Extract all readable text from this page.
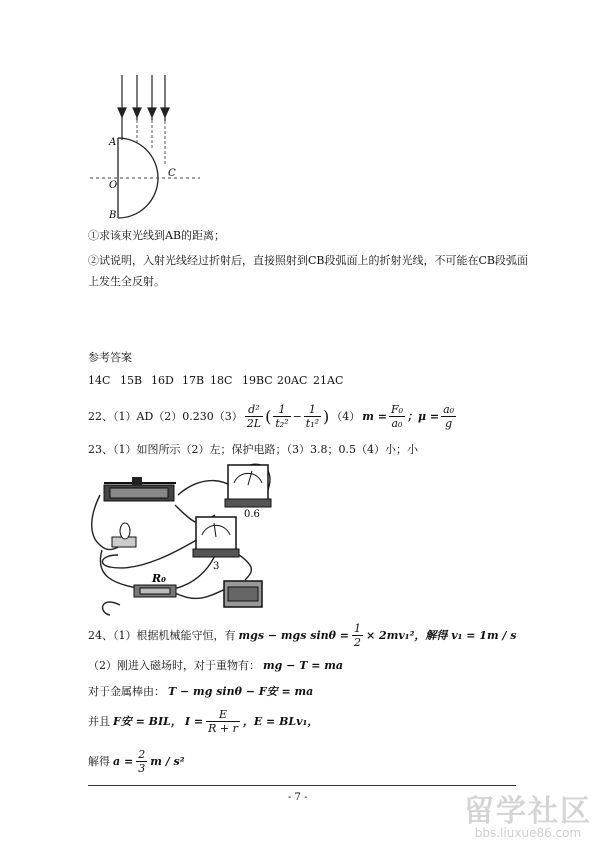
A
O
B
C
①求该束光线到AB的距离；
②试说明，入射光线经过折射后，直接照射到CB段弧面上的折射光线，不可能在CB段弧面
上发生全反射。
参考答案
14C 15B 16D 17B 18C 19BC 20AC 21AC
22、$(1)AD(2)0.230(3) \frac{\text{d²}}{2L}$ ( $\frac{1}{\text{t₂²}} - \frac{1}{\text{t₁²}}$ ) （4） $m = \frac{\text{F₀}}{\text{a₀}}$ ；$\mu = \frac{\text{a₀}}{g}$
23、（1）如图所示（2）左；保护电路；（3）3.8；0.5（4）小；小
0.6
3
R₀
24、（1）根据机械能守恒，有 mgs − mgs $\sin\theta = \frac{1}{2} \times 2mv_1^2$，解得 v₁ = 1m / s
（2）刚进入磁场时，对于重物有： mg − T = ma
对于金属棒由： T − mg sinθ − F安 = ma
并且 F安 = BIL， $I = \frac{E}{R + r}$ ，E = BLv₁，
解得 $a = \frac{2}{3}$ m / s²
- 7 -	留学社区
bbs.liuxue86.com
